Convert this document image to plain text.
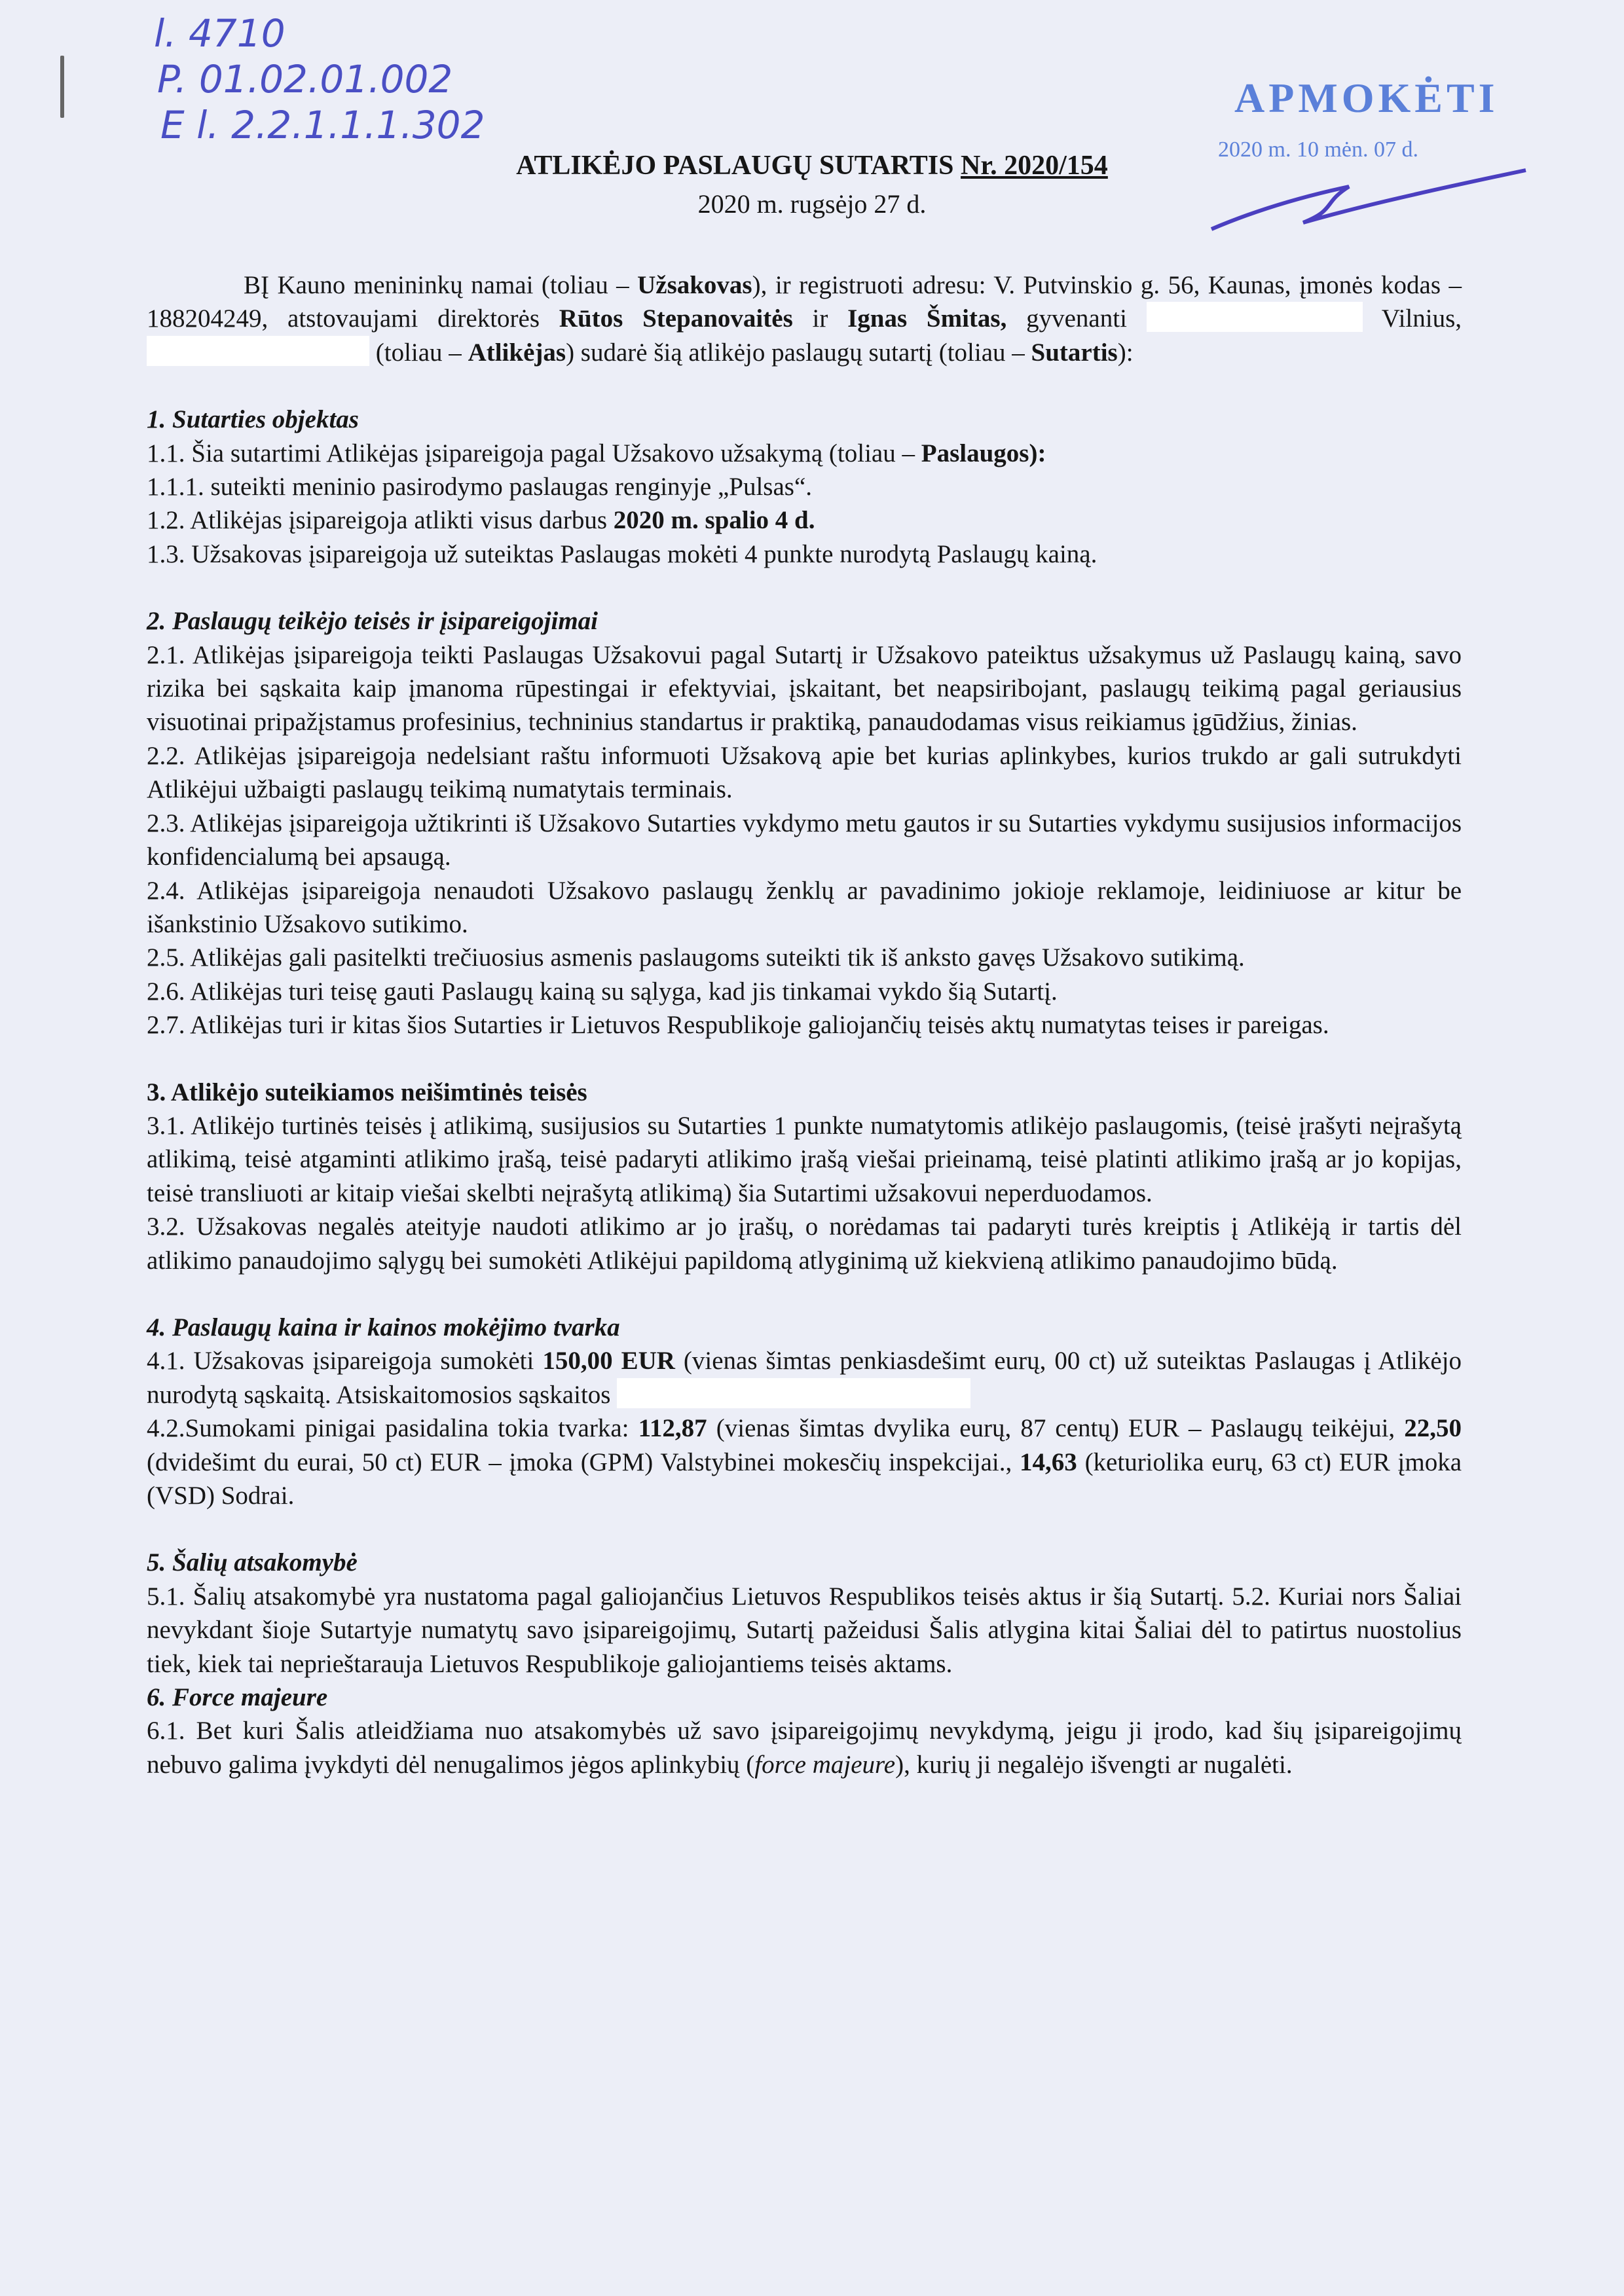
l. 4710
P. 01.02.01.002
E l. 2.2.1.1.1.302
APMOKĖTI
2020 m. 10 mėn. 07 d.
ATLIKĖJO PASLAUGŲ SUTARTIS Nr. 2020/154
2020 m. rugsėjo 27 d.
BĮ Kauno menininkų namai (toliau – Užsakovas), ir registruoti adresu: V. Putvinskio g. 56, Kaunas, įmonės kodas – 188204249, atstovaujami direktorės Rūtos Stepanovaitės ir Ignas Šmitas, gyvenanti	Vilnius,  (toliau – Atlikėjas) sudarė šią atlikėjo paslaugų sutartį (toliau – Sutartis):
1. Sutarties objektas
1.1. Šia sutartimi Atlikėjas įsipareigoja pagal Užsakovo užsakymą (toliau – Paslaugos):
1.1.1. suteikti meninio pasirodymo paslaugas renginyje „Pulsas“.
1.2. Atlikėjas įsipareigoja atlikti visus darbus 2020 m. spalio 4 d.
1.3. Užsakovas įsipareigoja už suteiktas Paslaugas mokėti 4 punkte nurodytą Paslaugų kainą.
2. Paslaugų teikėjo teisės ir įsipareigojimai
2.1. Atlikėjas įsipareigoja teikti Paslaugas Užsakovui pagal Sutartį ir Užsakovo pateiktus užsakymus už Paslaugų kainą, savo rizika bei sąskaita kaip įmanoma rūpestingai ir efektyviai, įskaitant, bet neapsiribojant, paslaugų teikimą pagal geriausius visuotinai pripažįstamus profesinius, techninius standartus ir praktiką, panaudodamas visus reikiamus įgūdžius, žinias.
2.2. Atlikėjas įsipareigoja nedelsiant raštu informuoti Užsakovą apie bet kurias aplinkybes, kurios trukdo ar gali sutrukdyti Atlikėjui užbaigti paslaugų teikimą numatytais terminais.
2.3. Atlikėjas įsipareigoja užtikrinti iš Užsakovo Sutarties vykdymo metu gautos ir su Sutarties vykdymu susijusios informacijos konfidencialumą bei apsaugą.
2.4. Atlikėjas įsipareigoja nenaudoti Užsakovo paslaugų ženklų ar pavadinimo jokioje reklamoje, leidiniuose ar kitur be išankstinio Užsakovo sutikimo.
2.5. Atlikėjas gali pasitelkti trečiuosius asmenis paslaugoms suteikti tik iš anksto gavęs Užsakovo sutikimą.
2.6. Atlikėjas turi teisę gauti Paslaugų kainą su sąlyga, kad jis tinkamai vykdo šią Sutartį.
2.7. Atlikėjas turi ir kitas šios Sutarties ir Lietuvos Respublikoje galiojančių teisės aktų numatytas teises ir pareigas.
3. Atlikėjo suteikiamos neišimtinės teisės
3.1. Atlikėjo turtinės teisės į atlikimą, susijusios su Sutarties 1 punkte numatytomis atlikėjo paslaugomis, (teisė įrašyti neįrašytą atlikimą, teisė atgaminti atlikimo įrašą, teisė padaryti atlikimo įrašą viešai prieinamą, teisė platinti atlikimo įrašą ar jo kopijas, teisė transliuoti ar kitaip viešai skelbti neįrašytą atlikimą) šia Sutartimi užsakovui neperduodamos.
3.2. Užsakovas negalės ateityje naudoti atlikimo ar jo įrašų, o norėdamas tai padaryti turės kreiptis į Atlikėją ir tartis dėl atlikimo panaudojimo sąlygų bei sumokėti Atlikėjui papildomą atlyginimą už kiekvieną atlikimo panaudojimo būdą.
4. Paslaugų kaina ir kainos mokėjimo tvarka
4.1. Užsakovas įsipareigoja sumokėti 150,00 EUR (vienas šimtas penkiasdešimt eurų, 00 ct) už suteiktas Paslaugas į Atlikėjo nurodytą sąskaitą. Atsiskaitomosios sąskaitos
4.2.Sumokami pinigai pasidalina tokia tvarka: 112,87 (vienas šimtas dvylika eurų, 87 centų) EUR – Paslaugų teikėjui, 22,50 (dvidešimt du eurai, 50 ct) EUR – įmoka (GPM) Valstybinei mokesčių inspekcijai., 14,63 (keturiolika eurų, 63 ct) EUR įmoka (VSD) Sodrai.
5. Šalių atsakomybė
5.1. Šalių atsakomybė yra nustatoma pagal galiojančius Lietuvos Respublikos teisės aktus ir šią Sutartį. 5.2. Kuriai nors Šaliai nevykdant šioje Sutartyje numatytų savo įsipareigojimų, Sutartį pažeidusi Šalis atlygina kitai Šaliai dėl to patirtus nuostolius tiek, kiek tai neprieštarauja Lietuvos Respublikoje galiojantiems teisės aktams.
6. Force majeure
6.1. Bet kuri Šalis atleidžiama nuo atsakomybės už savo įsipareigojimų nevykdymą, jeigu ji įrodo, kad šių įsipareigojimų nebuvo galima įvykdyti dėl nenugalimos jėgos aplinkybių (force majeure), kurių ji negalėjo išvengti ar nugalėti.
